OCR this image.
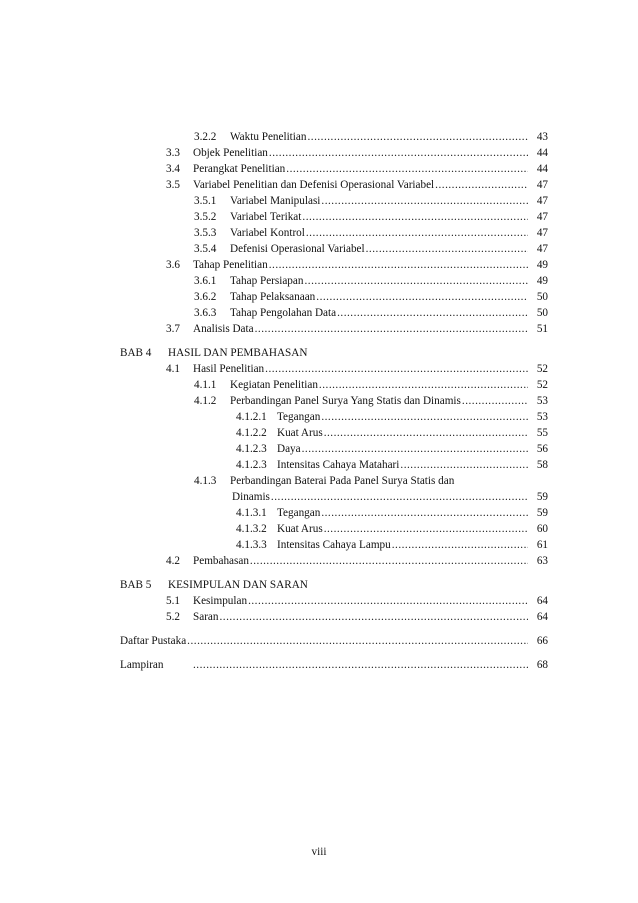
3.2.2 Waktu Penelitian .....	43
3.3 Objek Penelitian .....	44
3.4 Perangkat Penelitian .....	44
3.5 Variabel Penelitian dan Defenisi Operasional Variabel .....	47
3.5.1 Variabel Manipulasi .....	47
3.5.2 Variabel Terikat .....	47
3.5.3 Variabel Kontrol .....	47
3.5.4 Defenisi Operasional Variabel .....	47
3.6 Tahap Penelitian .....	49
3.6.1 Tahap Persiapan .....	49
3.6.2 Tahap Pelaksanaan .....	50
3.6.3 Tahap Pengolahan Data .....	50
3.7 Analisis Data .....	51
BAB 4 HASIL DAN PEMBAHASAN
4.1 Hasil Penelitian .....	52
4.1.1 Kegiatan Penelitian .....	52
4.1.2 Perbandingan Panel Surya Yang Statis dan Dinamis .....	53
4.1.2.1 Tegangan .....	53
4.1.2.2 Kuat Arus .....	55
4.1.2.3 Daya .....	56
4.1.2.3 Intensitas Cahaya Matahari .....	58
4.1.3 Perbandingan Baterai Pada Panel Surya Statis dan
Dinamis .....	59
4.1.3.1 Tegangan .....	59
4.1.3.2 Kuat Arus .....	60
4.1.3.3 Intensitas Cahaya Lampu .....	61
4.2 Pembahasan .....	63
BAB 5 KESIMPULAN DAN SARAN
5.1 Kesimpulan .....	64
5.2 Saran .....	64
Daftar Pustaka .....	66
Lampiran .....	68
viii
